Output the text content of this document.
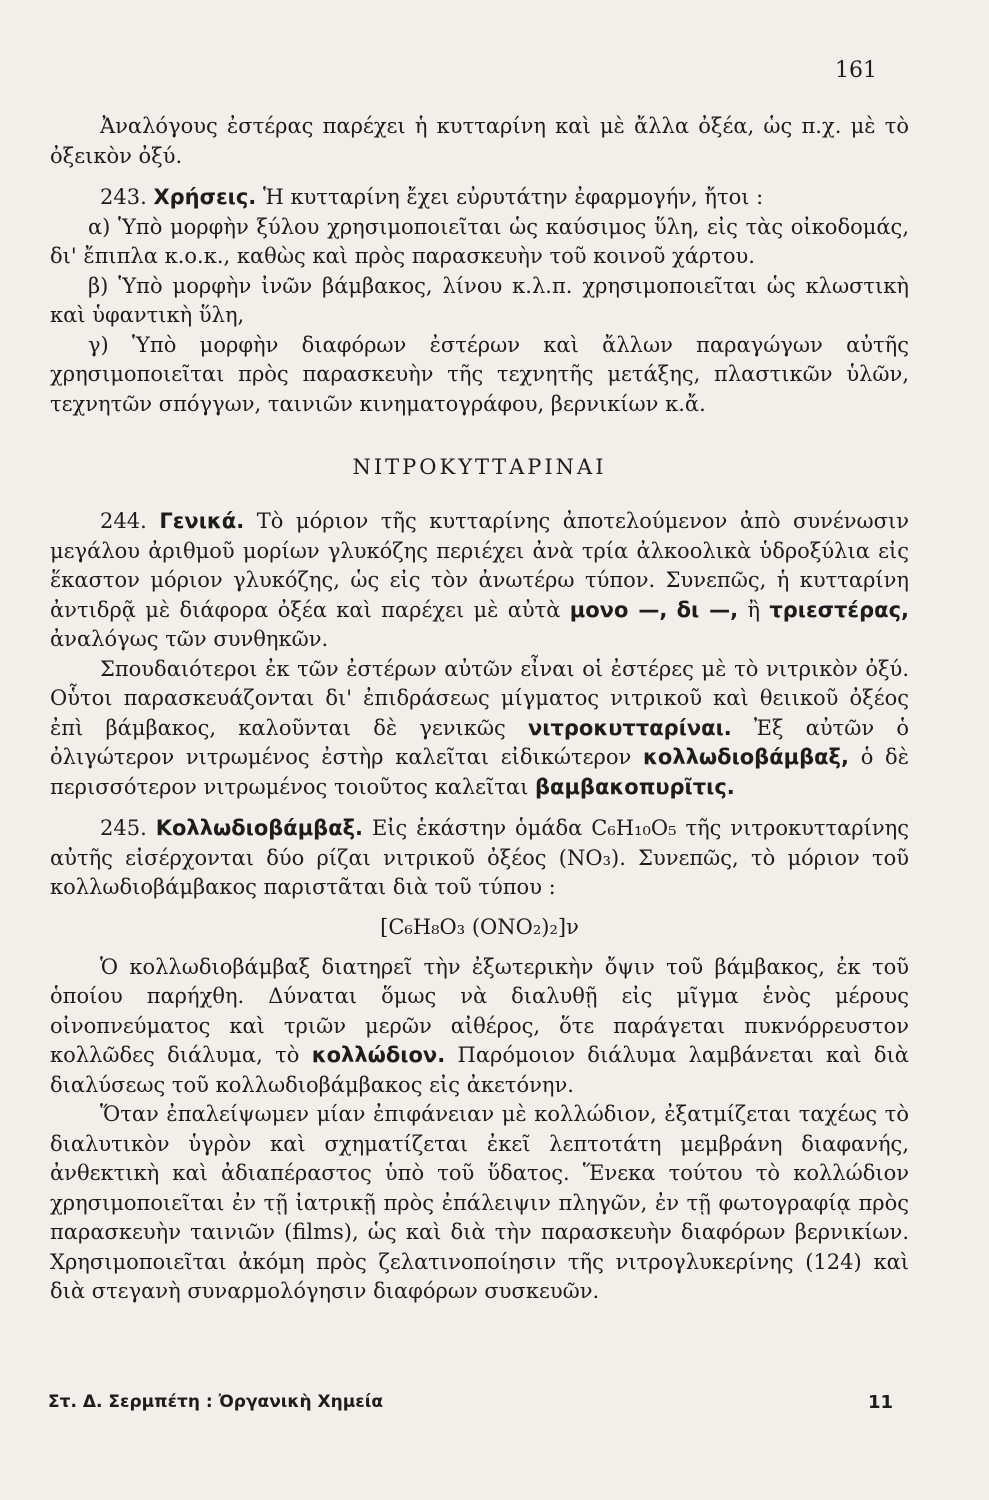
161

Ἀναλόγους ἐστέρας παρέχει ἡ κυτταρίνη καὶ μὲ ἄλλα ὀξέα, ὡς π.χ. μὲ τὸ ὀξεικὸν ὀξύ.

243. Χρήσεις. Ἡ κυτταρίνη ἔχει εὐρυτάτην ἐφαρμογήν, ἤτοι :

α) Ὑπὸ μορφὴν ξύλου χρησιμοποιεῖται ὡς καύσιμος ὕλη, εἰς τὰς οἰκοδομάς, δι' ἔπιπλα κ.ο.κ., καθὼς καὶ πρὸς παρασκευὴν τοῦ κοινοῦ χάρτου.

β) Ὑπὸ μορφὴν ἰνῶν βάμβακος, λίνου κ.λ.π. χρησιμοποιεῖται ὡς κλωστικὴ καὶ ὑφαντικὴ ὕλη,

γ) Ὑπὸ μορφὴν διαφόρων ἐστέρων καὶ ἄλλων παραγώγων αὐτῆς χρησιμοποιεῖται πρὸς παρασκευὴν τῆς τεχνητῆς μετάξης, πλαστικῶν ὑλῶν, τεχνητῶν σπόγγων, ταινιῶν κινηματογράφου, βερνικίων κ.ἄ.

ΝΙΤΡΟΚΥΤΤΑΡΙΝΑΙ

244. Γενικά. Τὸ μόριον τῆς κυτταρίνης ἀποτελούμενον ἀπὸ συνένωσιν μεγάλου ἀριθμοῦ μορίων γλυκόζης περιέχει ἀνὰ τρία ἀλκοολικὰ ὑδροξύλια εἰς ἕκαστον μόριον γλυκόζης, ὡς εἰς τὸν ἀνωτέρω τύπον. Συνεπῶς, ἡ κυτταρίνη ἀντιδρᾷ μὲ διάφορα ὀξέα καὶ παρέχει μὲ αὐτὰ μονο —, δι —, ἢ τριεστέρας, ἀναλόγως τῶν συνθηκῶν.

Σπουδαιότεροι ἐκ τῶν ἐστέρων αὐτῶν εἶναι οἱ ἐστέρες μὲ τὸ νιτρικὸν ὀξύ. Οὗτοι παρασκευάζονται δι' ἐπιδράσεως μίγματος νιτρικοῦ καὶ θειικοῦ ὀξέος ἐπὶ βάμβακος, καλοῦνται δὲ γενικῶς νιτροκυτταρίναι. Ἐξ αὐτῶν ὁ ὀλιγώτερον νιτρωμένος ἐστὴρ καλεῖται εἰδικώτερον κολλωδιοβάμβαξ, ὁ δὲ περισσότερον νιτρωμένος τοιοῦτος καλεῖται βαμβακοπυρῖτις.

245. Κολλωδιοβάμβαξ. Εἰς ἑκάστην ὁμάδα C₆H₁₀O₅ τῆς νιτροκυτταρίνης αὐτῆς εἰσέρχονται δύο ρίζαι νιτρικοῦ ὀξέος (NO₃). Συνεπῶς, τὸ μόριον τοῦ κολλωδιοβάμβακος παριστᾶται διὰ τοῦ τύπου :

[C₆H₈O₃ (ONO₂)₂]ν

Ὁ κολλωδιοβάμβαξ διατηρεῖ τὴν ἐξωτερικὴν ὄψιν τοῦ βάμβακος, ἐκ τοῦ ὁποίου παρήχθη. Δύναται ὅμως νὰ διαλυθῇ εἰς μῖγμα ἑνὸς μέρους οἰνοπνεύματος καὶ τριῶν μερῶν αἰθέρος, ὅτε παράγεται πυκνόρρευστον κολλῶδες διάλυμα, τὸ κολλώδιον. Παρόμοιον διάλυμα λαμβάνεται καὶ διὰ διαλύσεως τοῦ κολλωδιοβάμβακος εἰς ἀκετόνην.

Ὅταν ἐπαλείψωμεν μίαν ἐπιφάνειαν μὲ κολλώδιον, ἐξατμίζεται ταχέως τὸ διαλυτικὸν ὑγρὸν καὶ σχηματίζεται ἐκεῖ λεπτοτάτη μεμβράνη διαφανής, ἀνθεκτικὴ καὶ ἀδιαπέραστος ὑπὸ τοῦ ὕδατος. Ἕνεκα τούτου τὸ κολλώδιον χρησιμοποιεῖται ἐν τῇ ἰατρικῇ πρὸς ἐπάλειψιν πληγῶν, ἐν τῇ φωτογραφίᾳ πρὸς παρασκευὴν ταινιῶν (films), ὡς καὶ διὰ τὴν παρασκευὴν διαφόρων βερνικίων. Χρησιμοποιεῖται ἀκόμη πρὸς ζελατινοποίησιν τῆς νιτρογλυκερίνης (124) καὶ διὰ στεγανὴ συναρμολόγησιν διαφόρων συσκευῶν.

Στ. Δ. Σερμπέτη : Ὀργανικὴ Χημεία	11
